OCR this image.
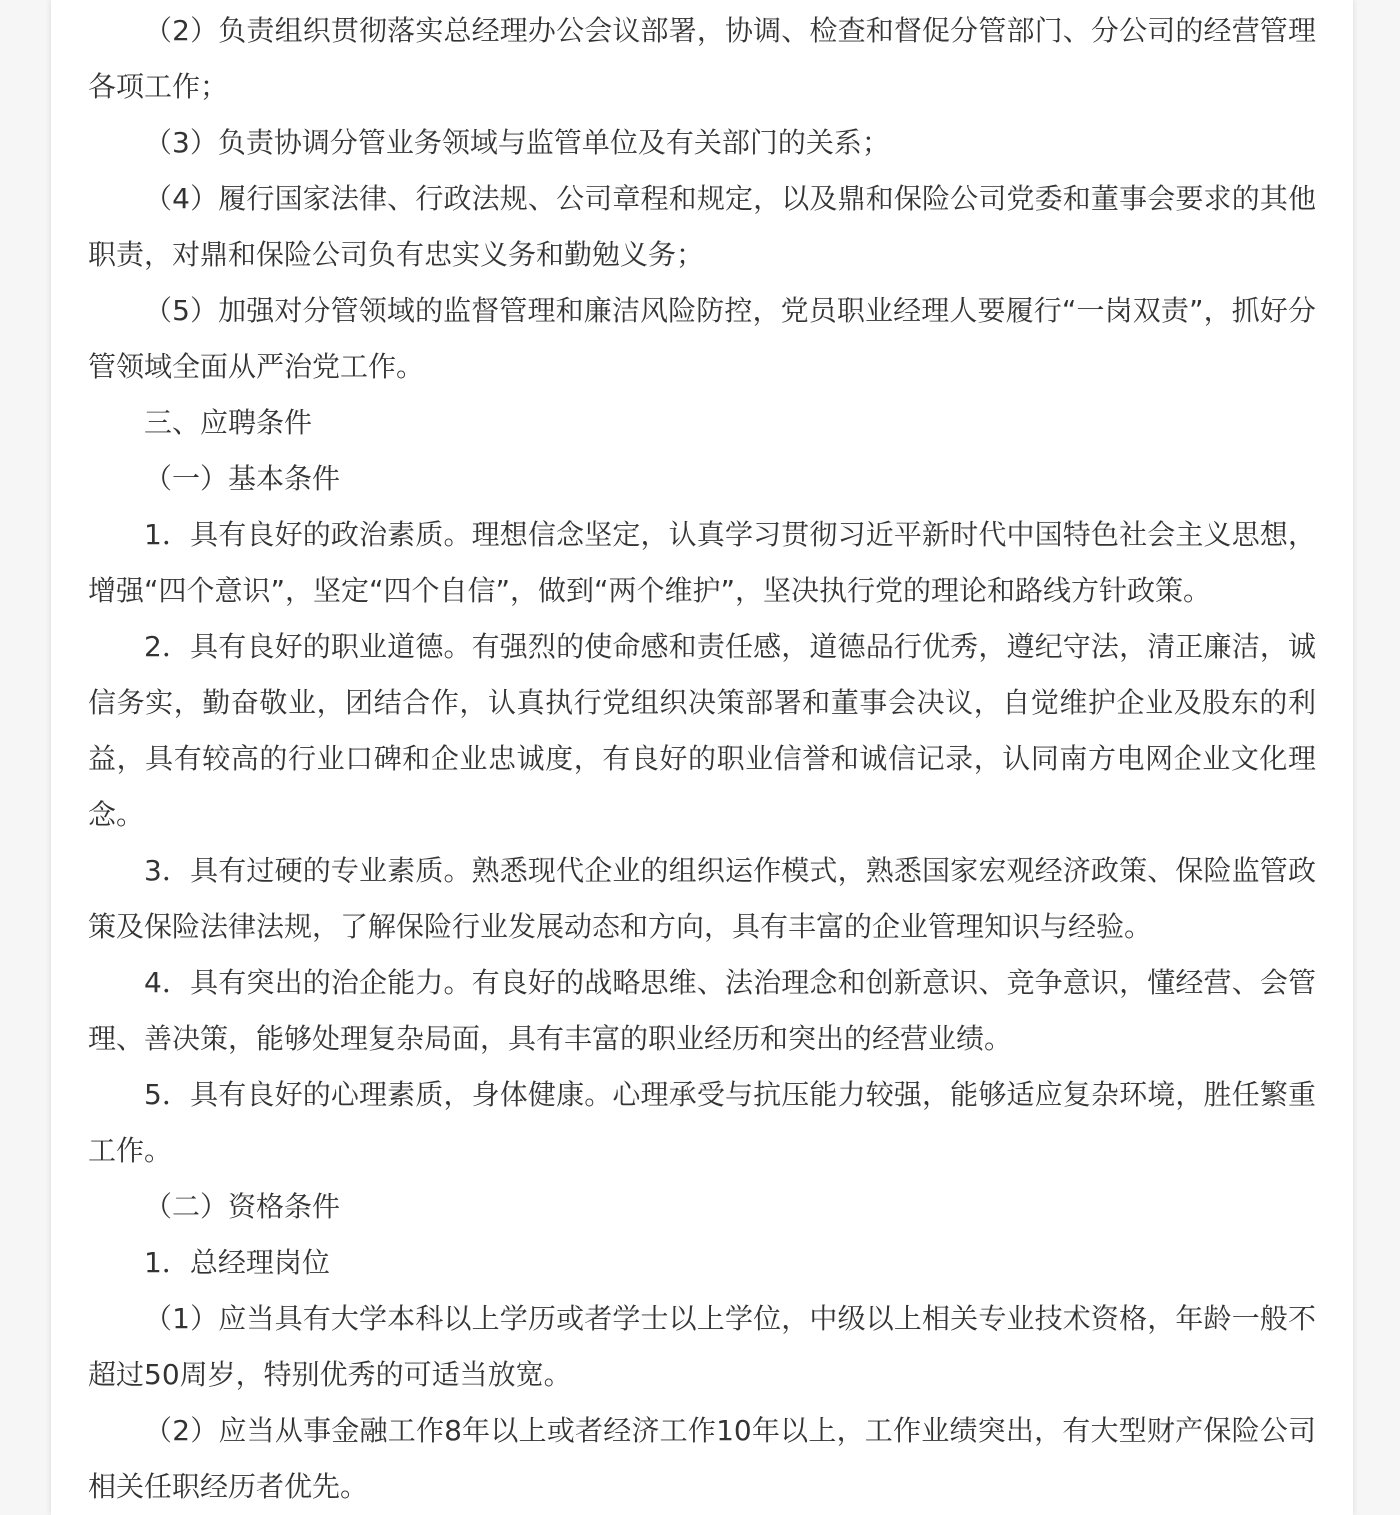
（2）负责组织贯彻落实总经理办公会议部署，协调、检查和督促分管部门、分公司的经营管理各项工作；

（3）负责协调分管业务领域与监管单位及有关部门的关系；

（4）履行国家法律、行政法规、公司章程和规定，以及鼎和保险公司党委和董事会要求的其他职责，对鼎和保险公司负有忠实义务和勤勉义务；

（5）加强对分管领域的监督管理和廉洁风险防控，党员职业经理人要履行“一岗双责”，抓好分管领域全面从严治党工作。

三、应聘条件

（一）基本条件

1．具有良好的政治素质。理想信念坚定，认真学习贯彻习近平新时代中国特色社会主义思想，增强“四个意识”，坚定“四个自信”，做到“两个维护”，坚决执行党的理论和路线方针政策。

2．具有良好的职业道德。有强烈的使命感和责任感，道德品行优秀，遵纪守法，清正廉洁，诚信务实，勤奋敬业，团结合作，认真执行党组织决策部署和董事会决议，自觉维护企业及股东的利益，具有较高的行业口碑和企业忠诚度，有良好的职业信誉和诚信记录，认同南方电网企业文化理念。

3．具有过硬的专业素质。熟悉现代企业的组织运作模式，熟悉国家宏观经济政策、保险监管政策及保险法律法规，了解保险行业发展动态和方向，具有丰富的企业管理知识与经验。

4．具有突出的治企能力。有良好的战略思维、法治理念和创新意识、竞争意识，懂经营、会管理、善决策，能够处理复杂局面，具有丰富的职业经历和突出的经营业绩。

5．具有良好的心理素质，身体健康。心理承受与抗压能力较强，能够适应复杂环境，胜任繁重工作。

（二）资格条件

1．总经理岗位

（1）应当具有大学本科以上学历或者学士以上学位，中级以上相关专业技术资格，年龄一般不超过50周岁，特别优秀的可适当放宽。

（2）应当从事金融工作8年以上或者经济工作10年以上，工作业绩突出，有大型财产保险公司相关任职经历者优先。
